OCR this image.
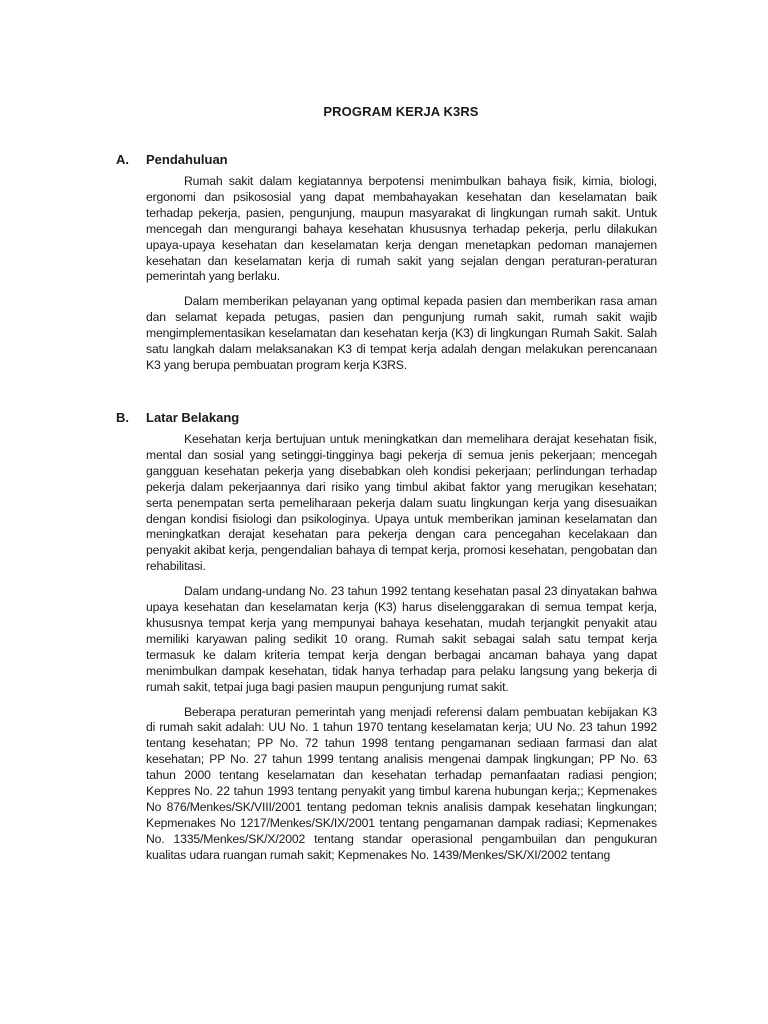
PROGRAM KERJA K3RS
A. Pendahuluan

Rumah sakit dalam kegiatannya berpotensi menimbulkan bahaya fisik, kimia, biologi, ergonomi dan psikososial yang dapat membahayakan kesehatan dan keselamatan baik terhadap pekerja, pasien, pengunjung, maupun masyarakat di lingkungan rumah sakit. Untuk mencegah dan mengurangi bahaya kesehatan khususnya terhadap pekerja, perlu dilakukan upaya-upaya kesehatan dan keselamatan kerja dengan menetapkan pedoman manajemen kesehatan dan keselamatan kerja di rumah sakit yang sejalan dengan peraturan-peraturan pemerintah yang berlaku.

Dalam memberikan pelayanan yang optimal kepada pasien dan memberikan rasa aman dan selamat kepada petugas, pasien dan pengunjung rumah sakit, rumah sakit wajib mengimplementasikan keselamatan dan kesehatan kerja (K3) di lingkungan Rumah Sakit. Salah satu langkah dalam melaksanakan K3 di tempat kerja adalah dengan melakukan perencanaan K3 yang berupa pembuatan program kerja K3RS.

B. Latar Belakang

Kesehatan kerja bertujuan untuk meningkatkan dan memelihara derajat kesehatan fisik, mental dan sosial yang setinggi-tingginya bagi pekerja di semua jenis pekerjaan; mencegah gangguan kesehatan pekerja yang disebabkan oleh kondisi pekerjaan; perlindungan terhadap pekerja dalam pekerjaannya dari risiko yang timbul akibat faktor yang merugikan kesehatan; serta penempatan serta pemeliharaan pekerja dalam suatu lingkungan kerja yang disesuaikan dengan kondisi fisiologi dan psikologinya. Upaya untuk memberikan jaminan keselamatan dan meningkatkan derajat kesehatan para pekerja dengan cara pencegahan kecelakaan dan penyakit akibat kerja, pengendalian bahaya di tempat kerja, promosi kesehatan, pengobatan dan rehabilitasi.

Dalam undang-undang No. 23 tahun 1992 tentang kesehatan pasal 23 dinyatakan bahwa upaya kesehatan dan keselamatan kerja (K3) harus diselenggarakan di semua tempat kerja, khususnya tempat kerja yang mempunyai bahaya kesehatan, mudah terjangkit penyakit atau memiliki karyawan paling sedikit 10 orang. Rumah sakit sebagai salah satu tempat kerja termasuk ke dalam kriteria tempat kerja dengan berbagai ancaman bahaya yang dapat menimbulkan dampak kesehatan, tidak hanya terhadap para pelaku langsung yang bekerja di rumah sakit, tetpai juga bagi pasien maupun pengunjung rumat sakit.

Beberapa peraturan pemerintah yang menjadi referensi dalam pembuatan kebijakan K3 di rumah sakit adalah: UU No. 1 tahun 1970 tentang keselamatan kerja; UU No. 23 tahun 1992 tentang kesehatan; PP No. 72 tahun 1998 tentang pengamanan sediaan farmasi dan alat kesehatan; PP No. 27 tahun 1999 tentang analisis mengenai dampak lingkungan; PP No. 63 tahun 2000 tentang keselamatan dan kesehatan terhadap pemanfaatan radiasi pengion; Keppres No. 22 tahun 1993 tentang penyakit yang timbul karena hubungan kerja;; Kepmenakes No 876/Menkes/SK/VIII/2001 tentang pedoman teknis analisis dampak kesehatan lingkungan; Kepmenakes No 1217/Menkes/SK/IX/2001 tentang pengamanan dampak radiasi; Kepmenakes No. 1335/Menkes/SK/X/2002 tentang standar operasional pengambuilan dan pengukuran kualitas udara ruangan rumah sakit; Kepmenakes No. 1439/Menkes/SK/XI/2002 tentang
